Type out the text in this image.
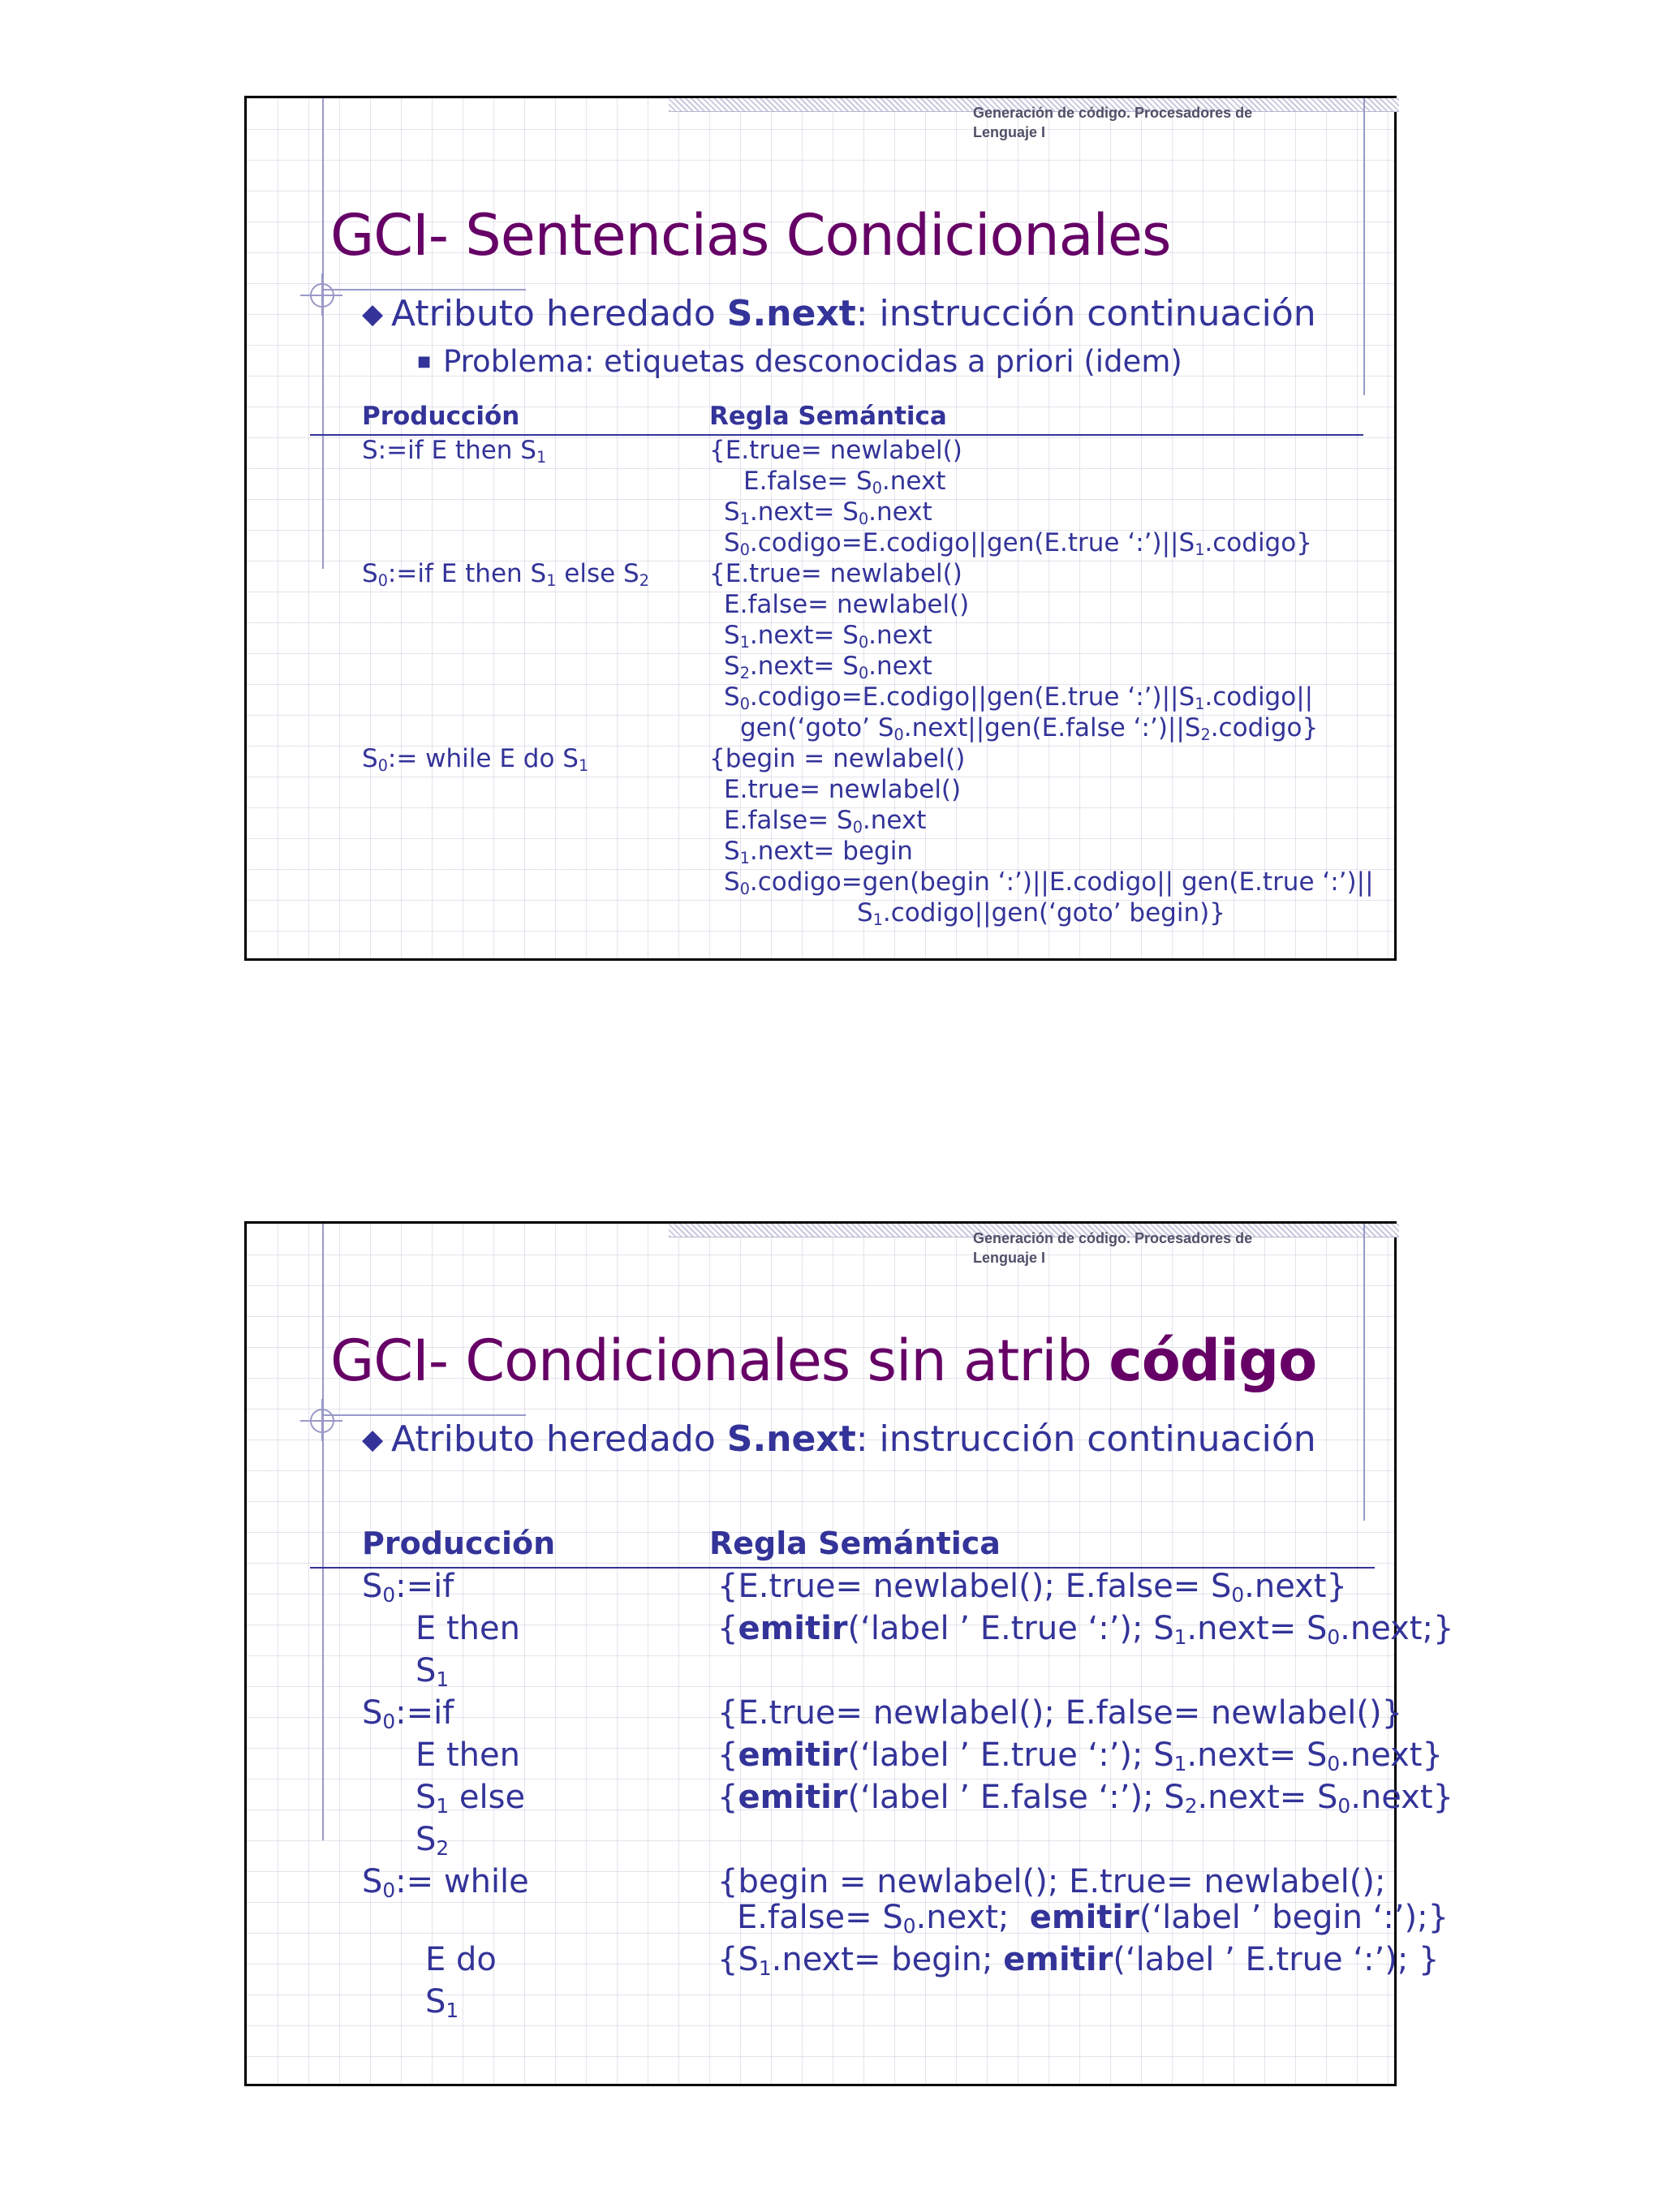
Generación de código. Procesadores de Lenguaje I
GCI- Sentencias Condicionales
◆ Atributo heredado S.next: instrucción continuación
■ Problema: etiquetas desconocidas a priori (idem)
Producción	Regla Semántica
S:=if E then $S_1$
$S_0:=if$ E then $S_1$ else $S_2$
$S_0:=$ while E do $S_1$
{E.true= newlabel()
E.false= $S_0.next$
$S_1.next=$ $S_0.next$
$S_0.codigo=E.codigo||gen(E.true$ ‘$:’)||S_1.codigo$}
{E.true= newlabel()
E.false= newlabel()
$S_1.next=$ $S_0.next$
$S_2.next=$ $S_0.next$
$S_0.codigo=E.codigo||gen(E.true$ ‘$:’)||S_1.codigo||$
gen(‘goto’ $S_0.next||gen(E.false$ ‘$:’)||S_2.codigo$}
{begin = newlabel()
E.true= newlabel()
E.false= $S_0.next$
$S_1.next=$ begin
$S_0.codigo=gen(begin$ ‘:’)||E.codigo|| gen(E.true ‘:’)||
$S_1.codigo||gen(‘goto$’ begin)}
Generación de código. Procesadores de Lenguaje I
GCI- Condicionales sin atrib código
◆ Atributo heredado S.next: instrucción continuación
Producción	Regla Semántica
$S_0:=if$
E then
$S_1$
$S_0:=if$
E then
$S_1$ else
$S_2$
$S_0:=$ while
E do
$S_1$
{E.true= newlabel(); E.false= $S_0.next$}
{emitir(‘label ’ E.true ‘:’); $S_1.next=$ $S_0.next$;}
{E.true= newlabel(); E.false= newlabel()}
{emitir(‘label ’ E.true ‘:’); $S_1.next=$ $S_0.next$}
{emitir(‘label ’ E.false ‘:’); $S_2.next=$ $S_0.next$}
{begin = newlabel(); E.true= newlabel();
E.false= $S_0.next$;  emitir(‘label ’ begin ‘:’);}
{$S_1.next=$ begin; emitir(‘label ’ E.true ‘:’); }
